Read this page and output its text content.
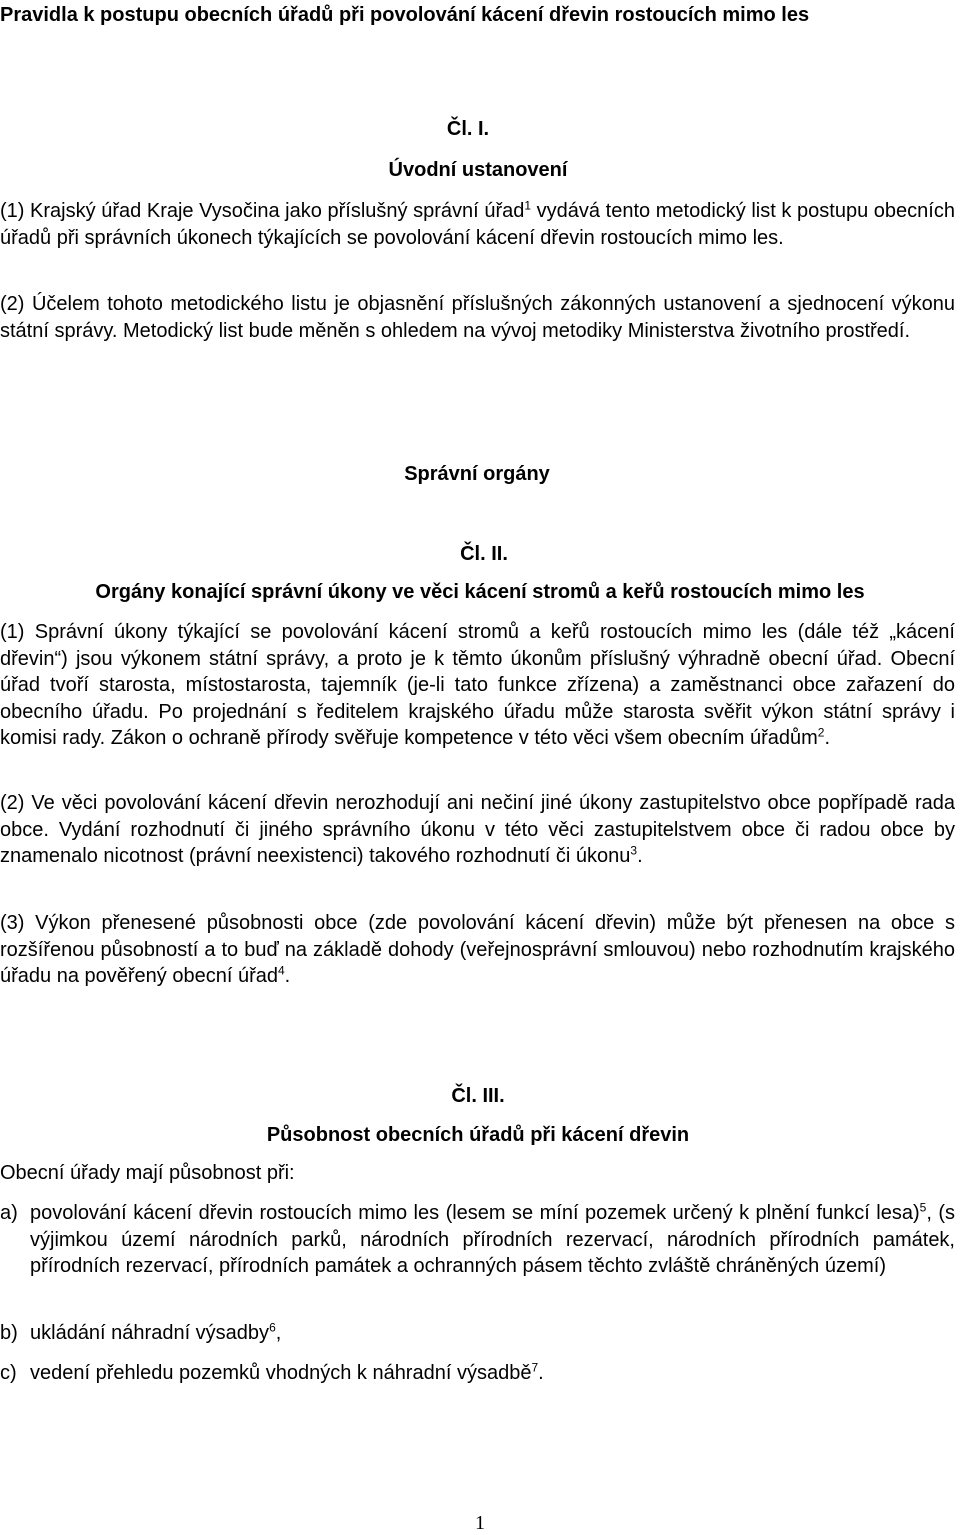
Pravidla k postupu obecních úřadů při povolování kácení dřevin rostoucích mimo les
Čl. I.
Úvodní ustanovení
(1) Krajský úřad Kraje Vysočina jako příslušný správní úřad$^1$ vydává tento metodický list k postupu obecních úřadů při správních úkonech týkajících se povolování kácení dřevin rostoucích mimo les.
(2) Účelem tohoto metodického listu je objasnění příslušných zákonných ustanovení a sjednocení výkonu státní správy. Metodický list bude měněn s ohledem na vývoj metodiky Ministerstva životního prostředí.
Správní orgány
Čl. II.
Orgány konající správní úkony ve věci kácení stromů a keřů rostoucích mimo les
(1) Správní úkony týkající se povolování kácení stromů a keřů rostoucích mimo les (dále též „kácení dřevin“) jsou výkonem státní správy, a proto je k těmto úkonům příslušný výhradně obecní úřad. Obecní úřad tvoří starosta, místostarosta, tajemník (je-li tato funkce zřízena) a zaměstnanci obce zařazení do obecního úřadu. Po projednání s ředitelem krajského úřadu může starosta svěřit výkon státní správy i komisi rady. Zákon o ochraně přírody svěřuje kompetence v této věci všem obecním úřadům$^2$.
(2) Ve věci povolování kácení dřevin nerozhodují ani nečiní jiné úkony zastupitelstvo obce popřípadě rada obce. Vydání rozhodnutí či jiného správního úkonu v této věci zastupitelstvem obce či radou obce by znamenalo nicotnost (právní neexistenci) takového rozhodnutí či úkonu$^3$.
(3) Výkon přenesené působnosti obce (zde povolování kácení dřevin) může být přenesen na obce s rozšířenou působností a to buď na základě dohody (veřejnosprávní smlouvou) nebo rozhodnutím krajského úřadu na pověřený obecní úřad$^4$.
Čl. III.
Působnost obecních úřadů při kácení dřevin
Obecní úřady mají působnost při:
a) povolování kácení dřevin rostoucích mimo les (lesem se míní pozemek určený k plnění funkcí lesa)$^5$, (s výjimkou území národních parků, národních přírodních rezervací, národních přírodních památek, přírodních rezervací, přírodních památek a ochranných pásem těchto zvláště chráněných území)
b) ukládání náhradní výsadby$^6$,
c) vedení přehledu pozemků vhodných k náhradní výsadbě$^7$.
1
